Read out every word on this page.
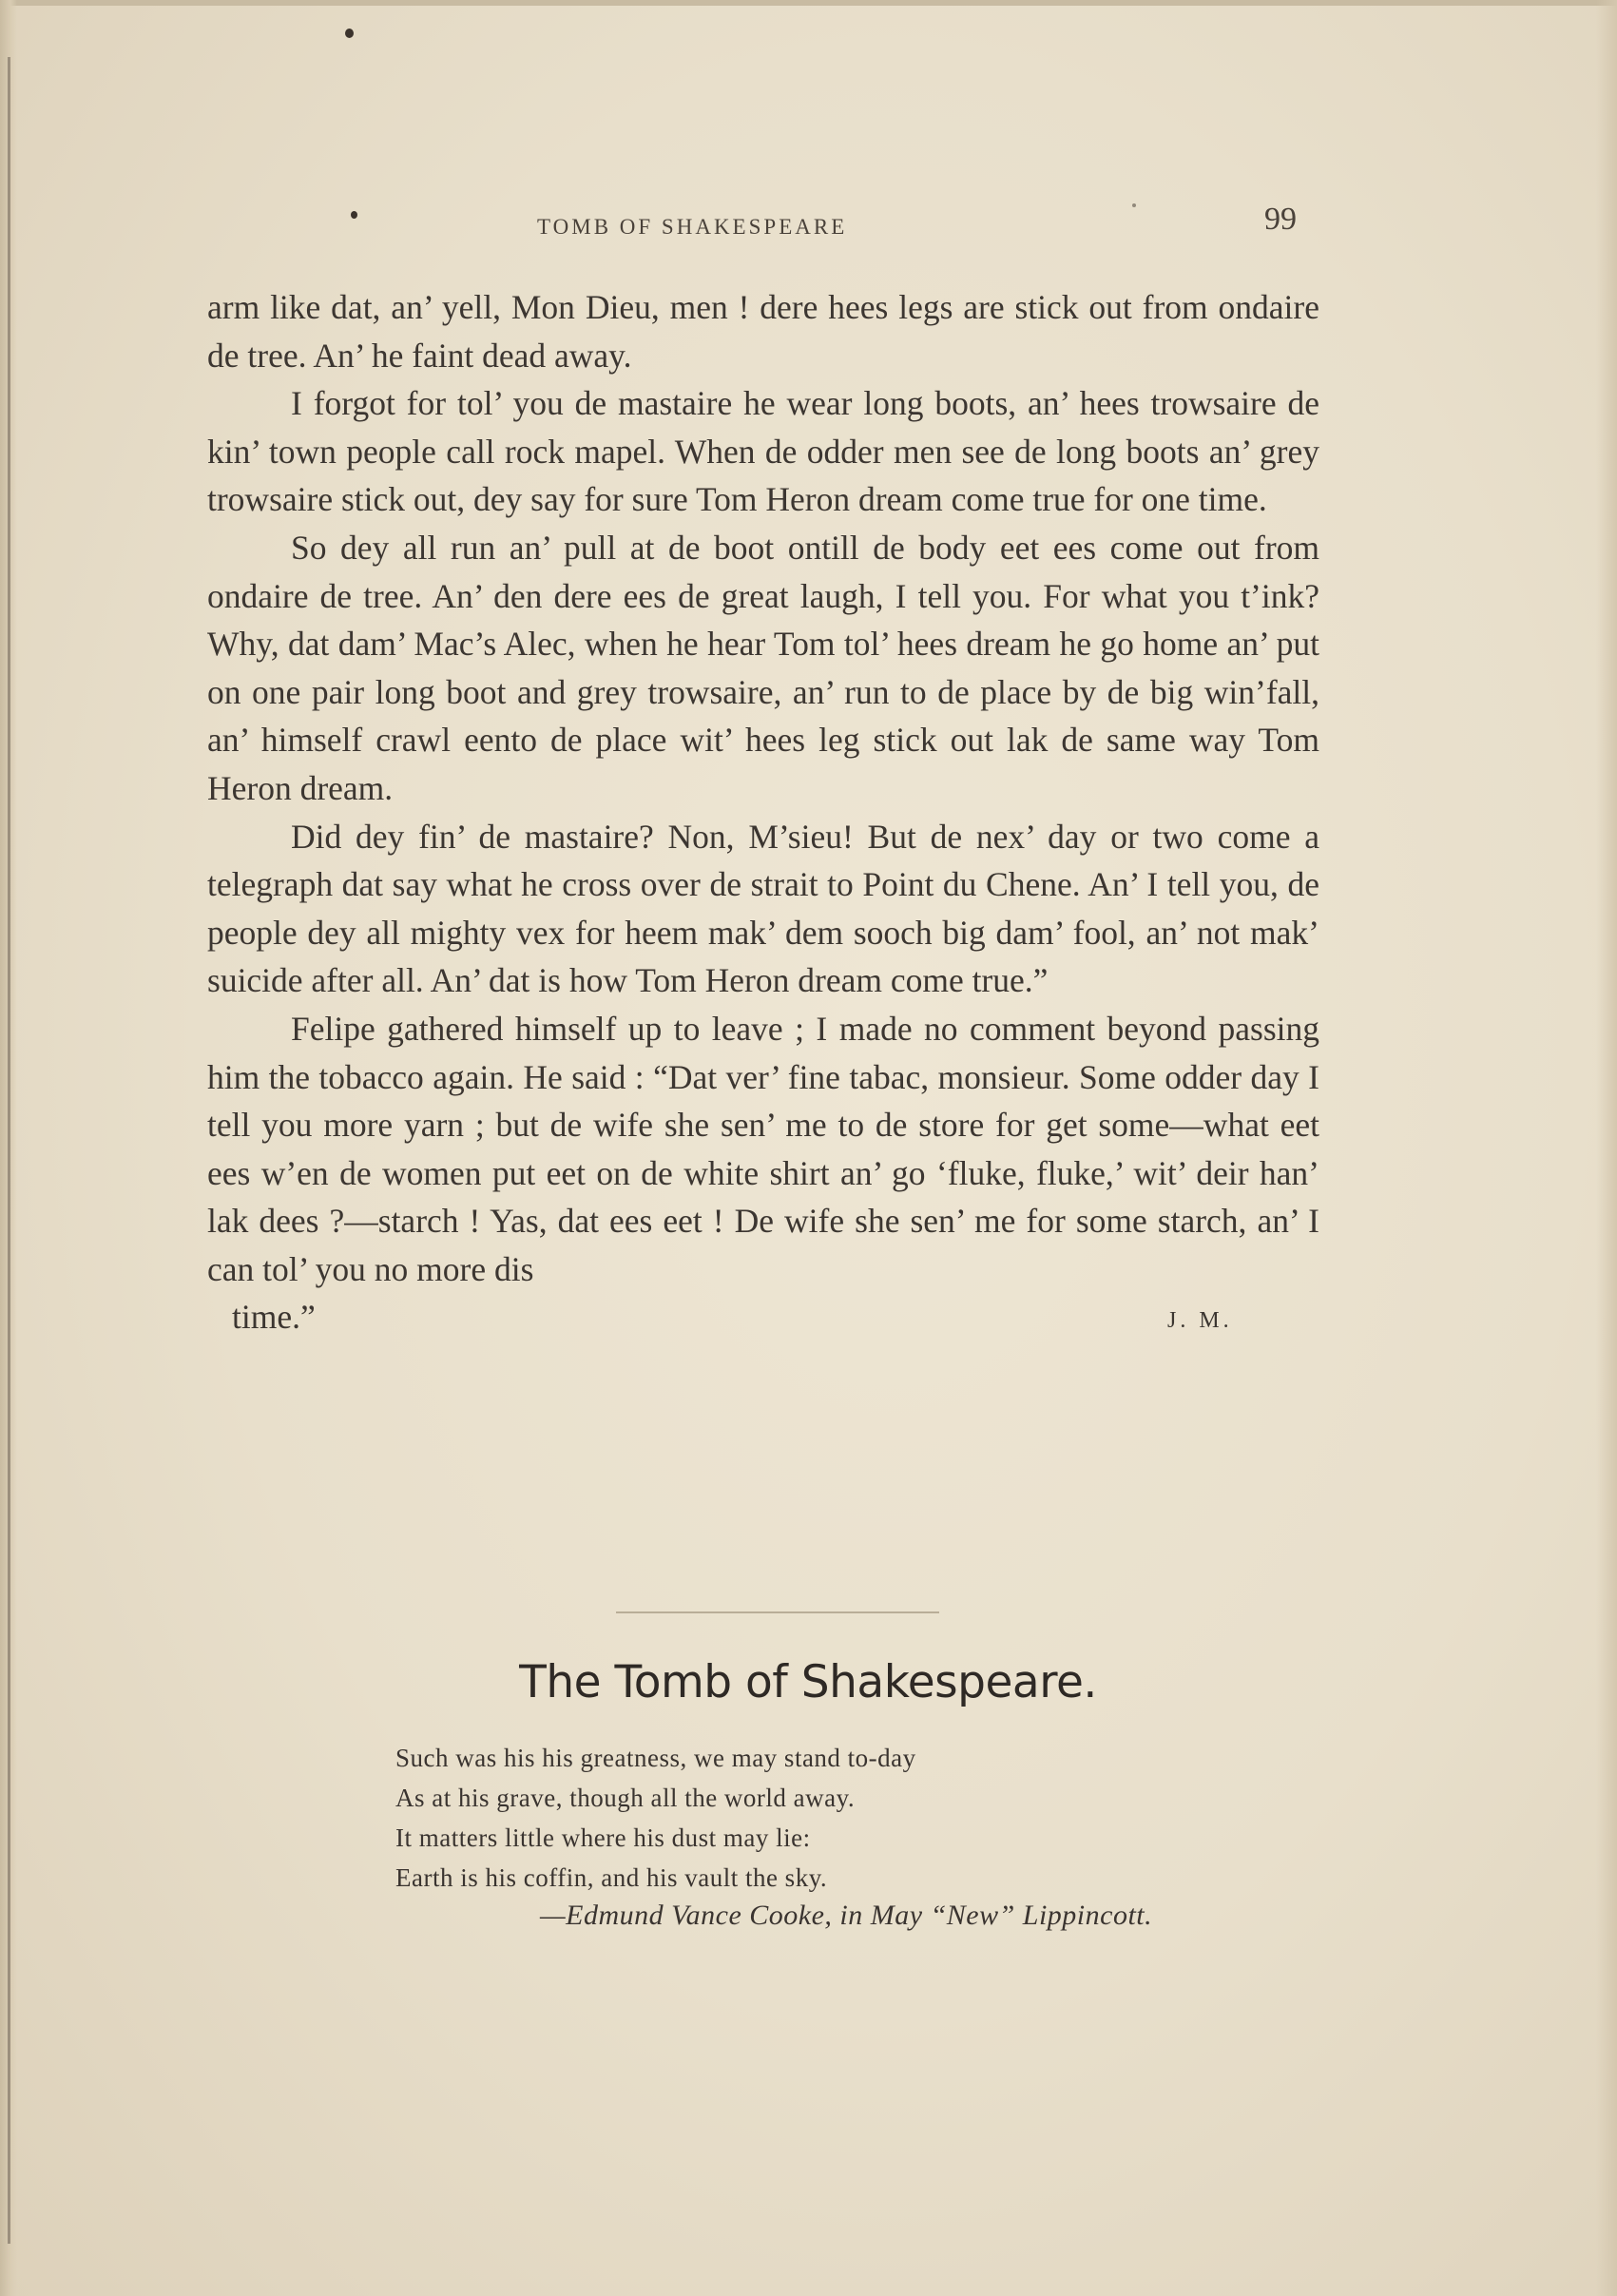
TOMB OF SHAKESPEARE	99

arm like dat, an’ yell, Mon Dieu, men ! dere hees legs are stick out from ondaire de tree. An’ he faint dead away.

I forgot for tol’ you de mastaire he wear long boots, an’ hees trowsaire de kin’ town people call rock mapel. When de odder men see de long boots an’ grey trowsaire stick out, dey say for sure Tom Heron dream come true for one time.

So dey all run an’ pull at de boot ontill de body eet ees come out from ondaire de tree. An’ den dere ees de great laugh, I tell you. For what you t’ink? Why, dat dam’ Mac’s Alec, when he hear Tom tol’ hees dream he go home an’ put on one pair long boot and grey trowsaire, an’ run to de place by de big win’fall, an’ himself crawl eento de place wit’ hees leg stick out lak de same way Tom Heron dream.

Did dey fin’ de mastaire? Non, M’sieu! But de nex’ day or two come a telegraph dat say what he cross over de strait to Point du Chene. An’ I tell you, de people dey all mighty vex for heem mak’ dem sooch big dam’ fool, an’ not mak’ suicide after all. An’ dat is how Tom Heron dream come true.”

Felipe gathered himself up to leave ; I made no comment beyond passing him the tobacco again. He said : “Dat ver’ fine tabac, monsieur. Some odder day I tell you more yarn ; but de wife she sen’ me to de store for get some—what eet ees w’en de women put eet on de white shirt an’ go ‘fluke, fluke,’ wit’ deir han’ lak dees ?—starch ! Yas, dat ees eet ! De wife she sen’ me for some starch, an’ I can tol’ you no more dis

time.”	J. M.
The Tomb of Shakespeare.
Such was his his greatness, we may stand to-day
As at his grave, though all the world away.
It matters little where his dust may lie:
Earth is his coffin, and his vault the sky.
—Edmund Vance Cooke, in May “New” Lippincott.
